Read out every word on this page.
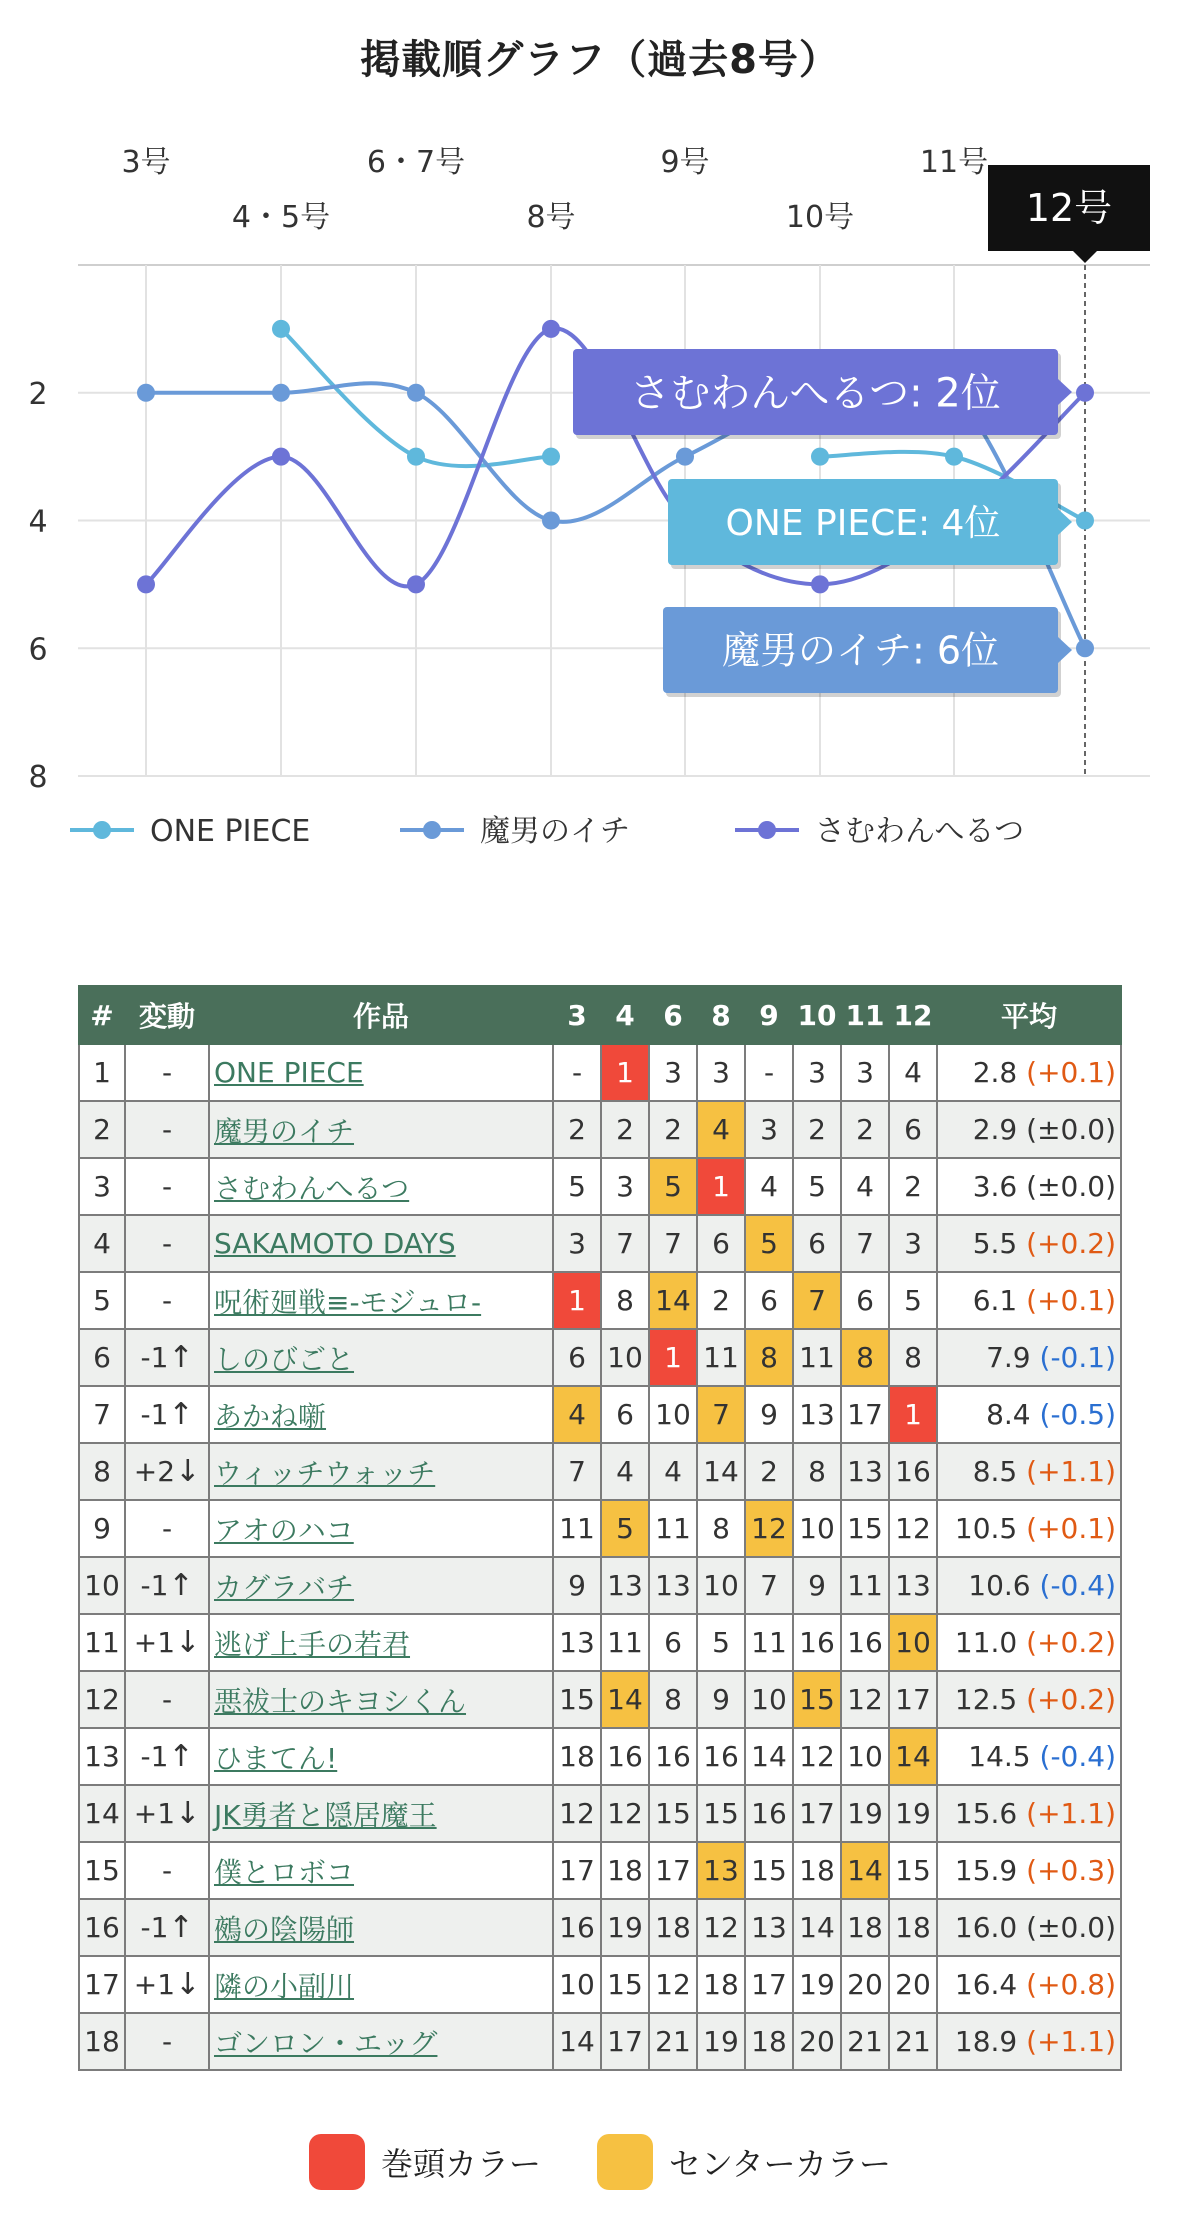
掲載順グラフ（過去8号）
2
4
6
8
3号
4・5号
6・7号
8号
9号
10号
11号
12号
さむわんへるつ: 2位
ONE PIECE: 4位
魔男のイチ: 6位
ONE PIECE	魔男のイチ	さむわんへるつ
#	変動	作品	3	4	6	8	9	10	11	12	平均
1	-	ONE PIECE	-	1	3	3	-	3	3	4	2.8 (+0.1)
2	-	魔男のイチ	2	2	2	4	3	2	2	6	2.9 (±0.0)
3	-	さむわんへるつ	5	3	5	1	4	5	4	2	3.6 (±0.0)
4	-	SAKAMOTO DAYS	3	7	7	6	5	6	7	3	5.5 (+0.2)
5	-	呪術廻戦≡-モジュロ-	1	8	14	2	6	7	6	5	6.1 (+0.1)
6	-1↑	しのびごと	6	10	1	11	8	11	8	8	7.9 (-0.1)
7	-1↑	あかね噺	4	6	10	7	9	13	17	1	8.4 (-0.5)
8	+2↓	ウィッチウォッチ	7	4	4	14	2	8	13	16	8.5 (+1.1)
9	-	アオのハコ	11	5	11	8	12	10	15	12	10.5 (+0.1)
10	-1↑	カグラバチ	9	13	13	10	7	9	11	13	10.6 (-0.4)
11	+1↓	逃げ上手の若君	13	11	6	5	11	16	16	10	11.0 (+0.2)
12	-	悪祓士のキヨシくん	15	14	8	9	10	15	12	17	12.5 (+0.2)
13	-1↑	ひまてん!	18	16	16	16	14	12	10	14	14.5 (-0.4)
14	+1↓	JK勇者と隠居魔王	12	12	15	15	16	17	19	19	15.6 (+1.1)
15	-	僕とロボコ	17	18	17	13	15	18	14	15	15.9 (+0.3)
16	-1↑	鵺の陰陽師	16	19	18	12	13	14	18	18	16.0 (±0.0)
17	+1↓	隣の小副川	10	15	12	18	17	19	20	20	16.4 (+0.8)
18	-	ゴンロン・エッグ	14	17	21	19	18	20	21	21	18.9 (+1.1)
巻頭カラー	センターカラー
